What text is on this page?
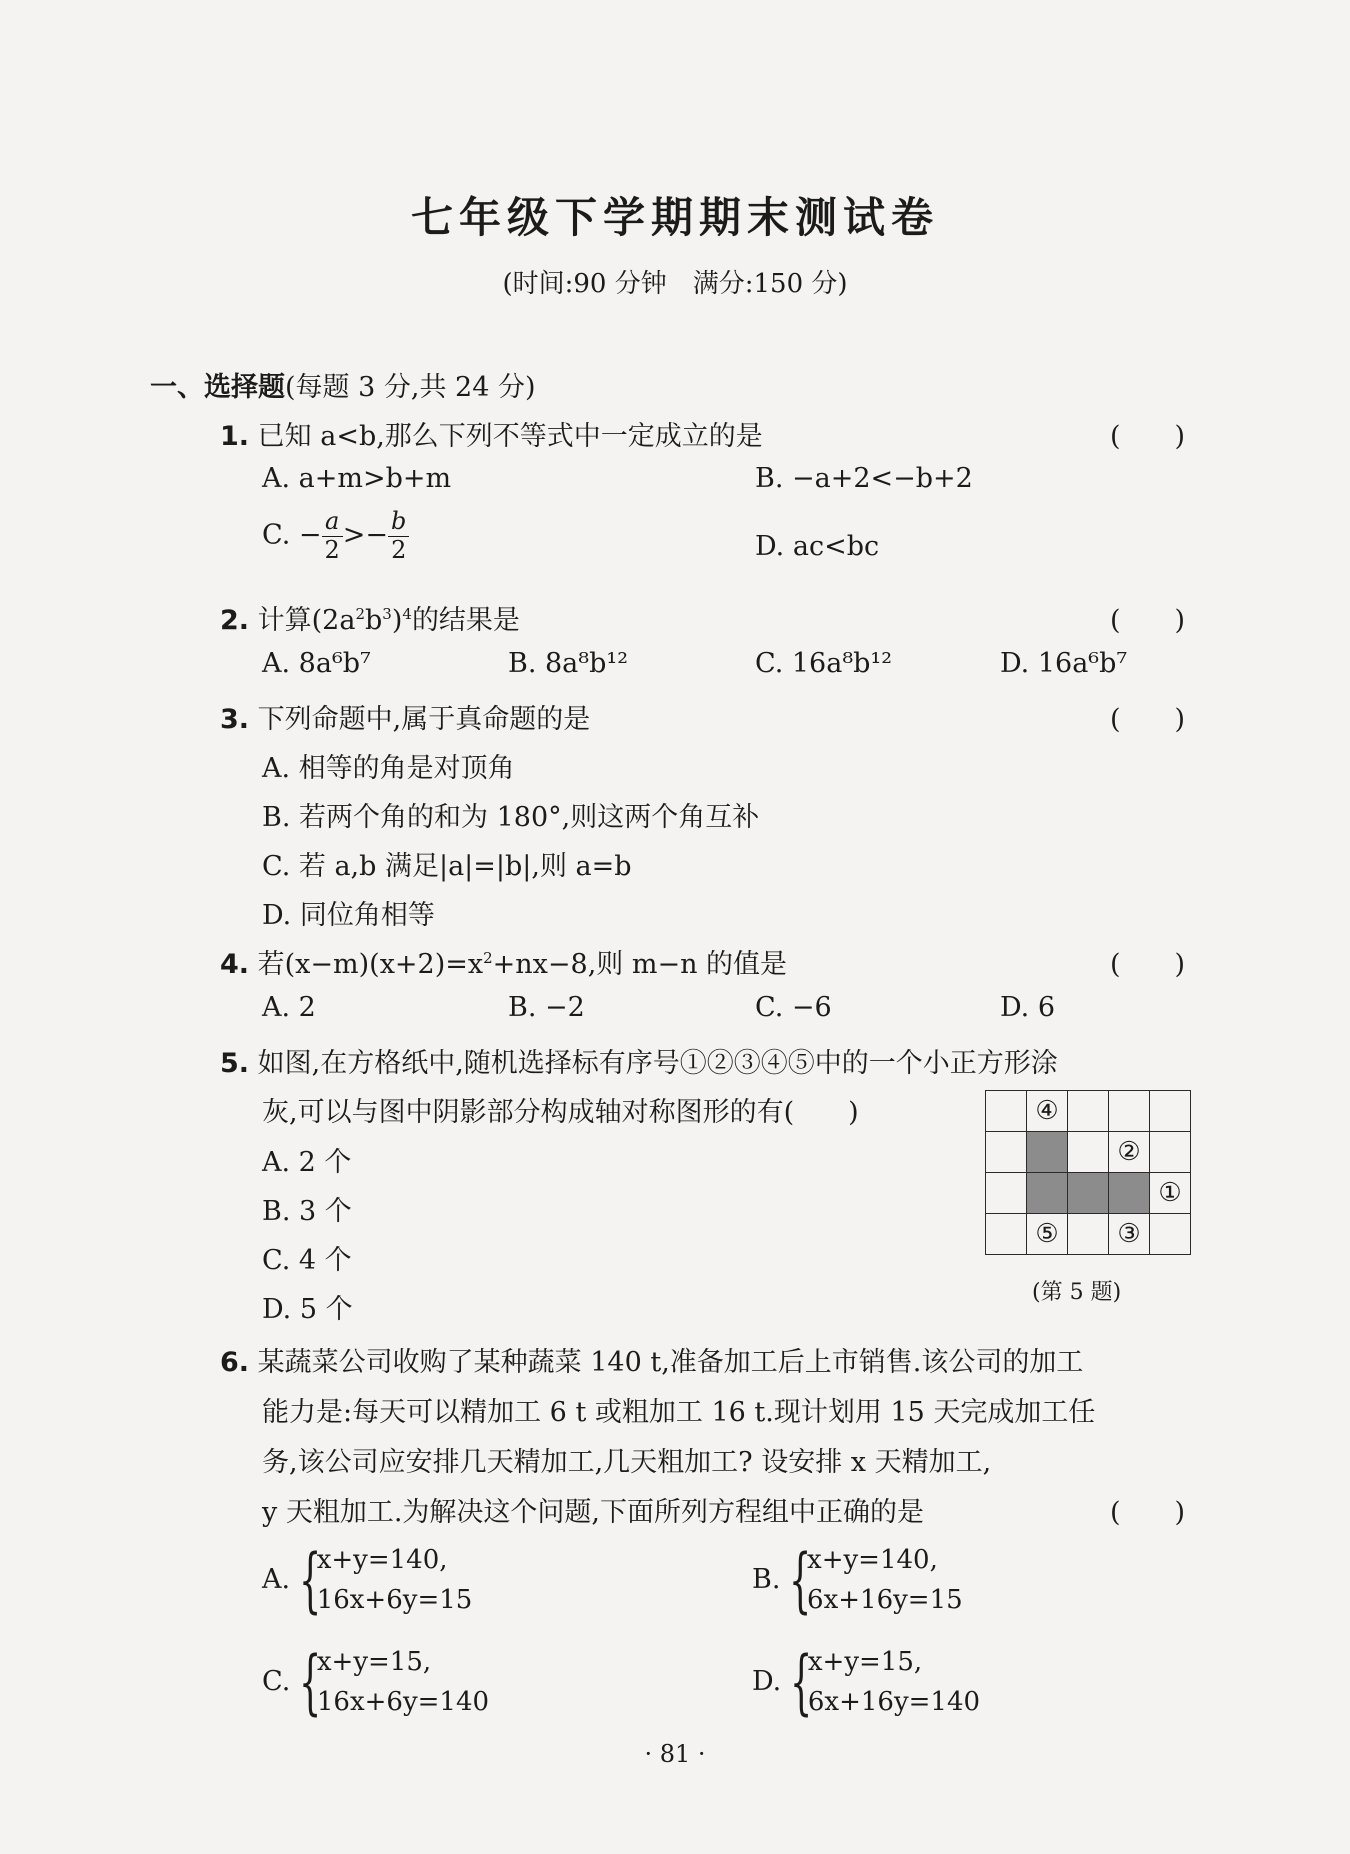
七年级下学期期末测试卷
(时间:90 分钟　满分:150 分)
一、选择题(每题 3 分,共 24 分)
1. 已知 a<b,那么下列不等式中一定成立的是	(　　)
A. a+m>b+m	B. −a+2<−b+2
C. − $\frac{a}{2} >- \frac{b}{2}$	D. ac<bc
2. 计算$(2a^2b^3)^4$的结果是	(　　)
A. 8a⁶b⁷	B. 8a⁸b¹²	C. 16a⁸b¹²	D. 16a⁶b⁷
3. 下列命题中,属于真命题的是	(　　)
A. 相等的角是对顶角
B. 若两个角的和为 180°,则这两个角互补
C. 若 a,b 满足|a|=|b|,则 a=b
D. 同位角相等
4. 若$(x-m)(x+2)=x^2+nx-8$,则 m−n 的值是	(　　)
A. 2	B. −2	C. −6	D. 6
5. 如图,在方格纸中,随机选择标有序号①②③④⑤中的一个小正方形涂
灰,可以与图中阴影部分构成轴对称图形的有(　　)
A. 2 个
B. 3 个
C. 4 个
D. 5 个
	④			
			②	
				①
	⑤		③	
(第 5 题)
6. 某蔬菜公司收购了某种蔬菜 140 t,准备加工后上市销售.该公司的加工
能力是:每天可以精加工 6 t 或粗加工 16 t.现计划用 15 天完成加工任
务,该公司应安排几天精加工,几天粗加工? 设安排 x 天精加工,
y 天粗加工.为解决这个问题,下面所列方程组中正确的是	(　　)
A. {
x+y=140,
16x+6y=15
B. {
x+y=140,
6x+16y=15
C. {
x+y=15,
16x+6y=140
D. {
x+y=15,
6x+16y=140
· 81 ·
